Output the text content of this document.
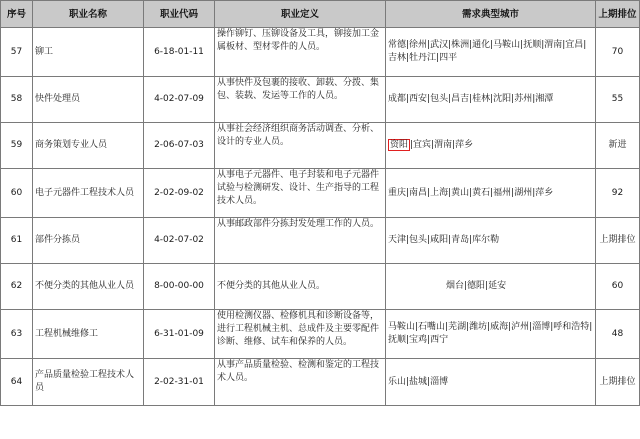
序号	职业名称	职业代码	职业定义	需求典型城市	上期排位
57	铆工	6-18-01-11	操作铆钉、压铆设备及工具，铆接加工金属板材、型材零件的人员。	常德|徐州|武汉|株洲|通化|马鞍山|抚顺|渭南|宜昌|吉林|牡丹江|四平	70
58	快件处理员	4-02-07-09	从事快件及包裹的接收、卸载、分拨、集包、装载、发运等工作的人员。	成都|西安|包头|昌吉|桂林|沈阳|苏州|湘潭	55
59	商务策划专业人员	2-06-07-03	从事社会经济组织商务活动调查、分析、设计的专业人员。	资阳 |宜宾|渭南|萍乡	新进
60	电子元器件工程技术人员	2-02-09-02	从事电子元器件、电子封装和电子元器件试验与检测研发、设计、生产指导的工程技术人员。	重庆|南昌|上海|黄山|黄石|福州|湖州|萍乡	92
61	部件分拣员	4-02-07-02	从事邮政部件分拣封发处理工作的人员。	天津|包头|咸阳|青岛|库尔勒	上期排位
62	不便分类的其他从业人员	8-00-00-00	不便分类的其他从业人员。	烟台|德阳|延安	60
63	工程机械维修工	6-31-01-09	使用检测仪器、检修机具和诊断设备等，进行工程机械主机、总成件及主要零配件诊断、维修、试车和保养的人员。	马鞍山|石嘴山|芜湖|潍坊|威海|泸州|淄博|呼和浩特|抚顺|宝鸡|西宁	48
64	产品质量检验工程技术人员	2-02-31-01	从事产品质量检验、检测和鉴定的工程技术人员。	乐山|盐城|淄博	上期排位
